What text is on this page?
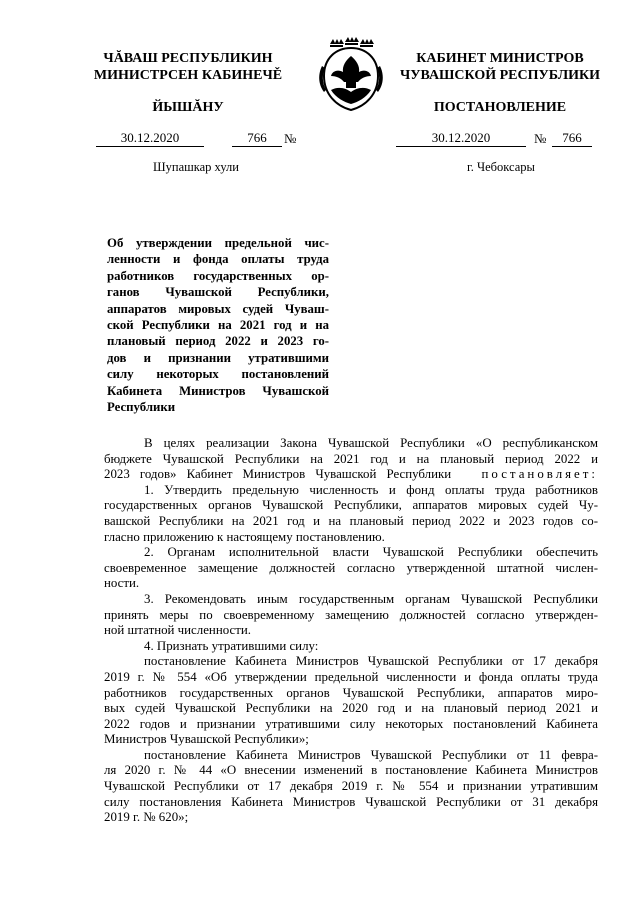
ЧĂВАШ РЕСПУБЛИКИН
МИНИСТРСЕН КАБИНЕЧĚ
ЙЫШĂНУ
КАБИНЕТ МИНИСТРОВ
ЧУВАШСКОЙ РЕСПУБЛИКИ
ПОСТАНОВЛЕНИЕ
30.12.2020	766	№	30.12.2020	№	766
Шупашкар хули	г. Чебоксары
Об утверждении предельной чис-
ленности и фонда оплаты труда
работников государственных ор-
ганов Чувашской Республики,
аппаратов мировых судей Чуваш-
ской Республики на 2021 год и на
плановый период 2022 и 2023 го-
дов и признании утратившими
силу некоторых постановлений
Кабинета Министров Чувашской
Республики
В целях реализации Закона Чувашской Республики «О республиканском
бюджете Чувашской Республики на 2021 год и на плановый период 2022 и
2023 годов» Кабинет Министров Чувашской Республики постановляет:
1. Утвердить предельную численность и фонд оплаты труда работников
государственных органов Чувашской Республики, аппаратов мировых судей Чу-
вашской Республики на 2021 год и на плановый период 2022 и 2023 годов со-
гласно приложению к настоящему постановлению.
2. Органам исполнительной власти Чувашской Республики обеспечить
своевременное замещение должностей согласно утвержденной штатной числен-
ности.
3. Рекомендовать иным государственным органам Чувашской Республики
принять меры по своевременному замещению должностей согласно утвержден-
ной штатной численности.
4. Признать утратившими силу:
постановление Кабинета Министров Чувашской Республики от 17 декабря
2019 г. № 554 «Об утверждении предельной численности и фонда оплаты труда
работников государственных органов Чувашской Республики, аппаратов миро-
вых судей Чувашской Республики на 2020 год и на плановый период 2021 и
2022 годов и признании утратившими силу некоторых постановлений Кабинета
Министров Чувашской Республики»;
постановление Кабинета Министров Чувашской Республики от 11 февра-
ля 2020 г. № 44 «О внесении изменений в постановление Кабинета Министров
Чувашской Республики от 17 декабря 2019 г. № 554 и признании утратившим
силу постановления Кабинета Министров Чувашской Республики от 31 декабря
2019 г. № 620»;
